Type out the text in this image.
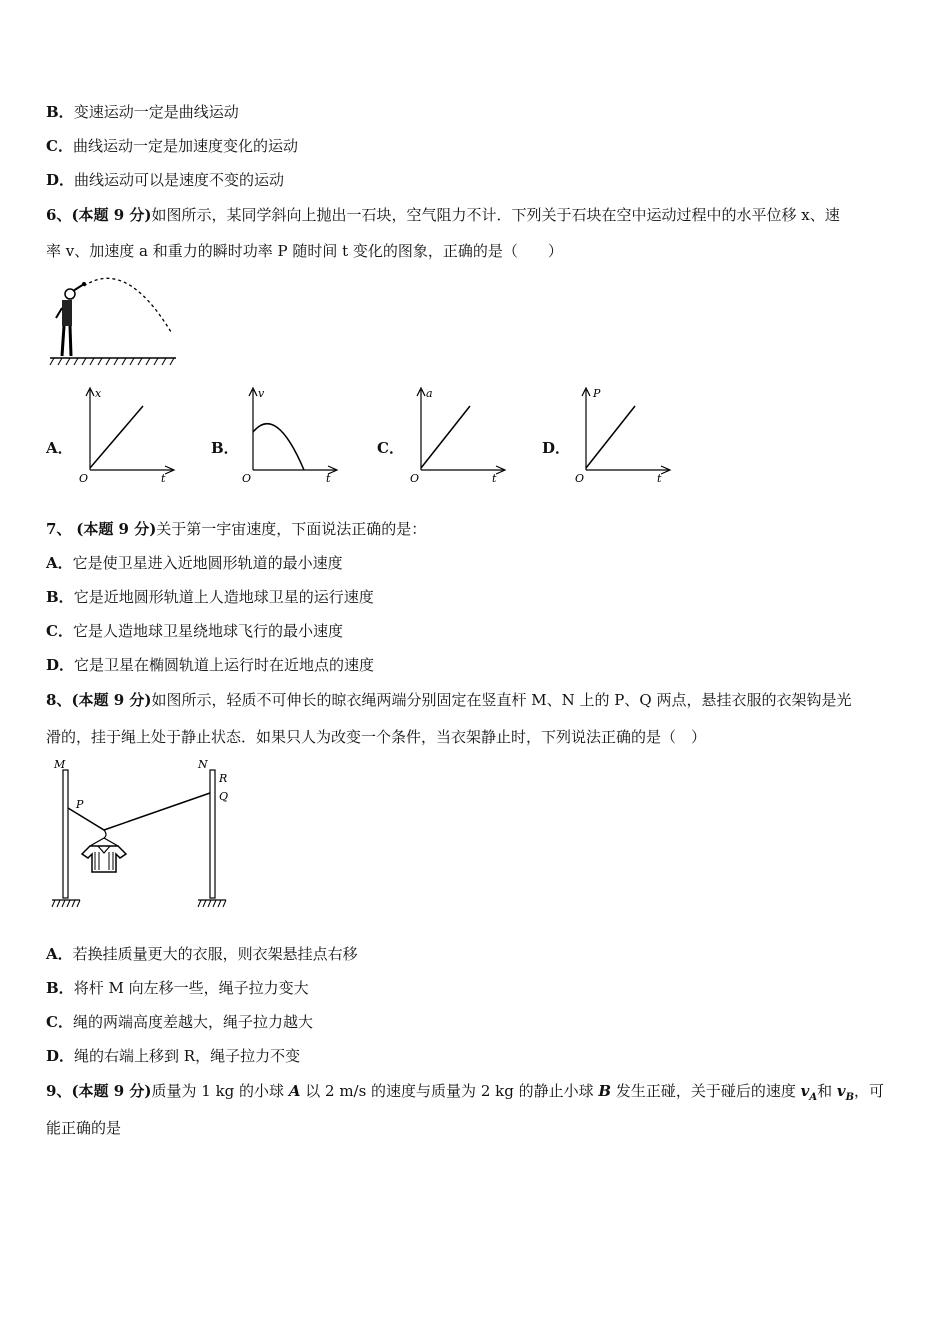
B．变速运动一定是曲线运动
C．曲线运动一定是加速度变化的运动
D．曲线运动可以是速度不变的运动
6、(本题 9 分)如图所示，某同学斜向上抛出一石块，空气阻力不计．下列关于石块在空中运动过程中的水平位移 x、速
率 v、加速度 a 和重力的瞬时功率 P 随时间 t 变化的图象，正确的是（　　）
A．
x
O	t
B．
v
O	t
C．
a
O	t
D．
P
O	t
7、 (本题 9 分)关于第一宇宙速度，下面说法正确的是：
A．它是使卫星进入近地圆形轨道的最小速度
B．它是近地圆形轨道上人造地球卫星的运行速度
C．它是人造地球卫星绕地球飞行的最小速度
D．它是卫星在椭圆轨道上运行时在近地点的速度
8、(本题 9 分)如图所示，轻质不可伸长的晾衣绳两端分别固定在竖直杆 M、N 上的 P、Q 两点，悬挂衣服的衣架钩是光
滑的，挂于绳上处于静止状态．如果只人为改变一个条件，当衣架静止时，下列说法正确的是（　）
M
P
N
R
Q
A．若换挂质量更大的衣服，则衣架悬挂点右移
B．将杆 M 向左移一些，绳子拉力变大
C．绳的两端高度差越大，绳子拉力越大
D．绳的右端上移到 R，绳子拉力不变
9、(本题 9 分)质量为 1 kg 的小球 A 以 2 m/s 的速度与质量为 2 kg 的静止小球 B 发生正碰，关于碰后的速度 $v_A$和 $v_B$，可
能正确的是
